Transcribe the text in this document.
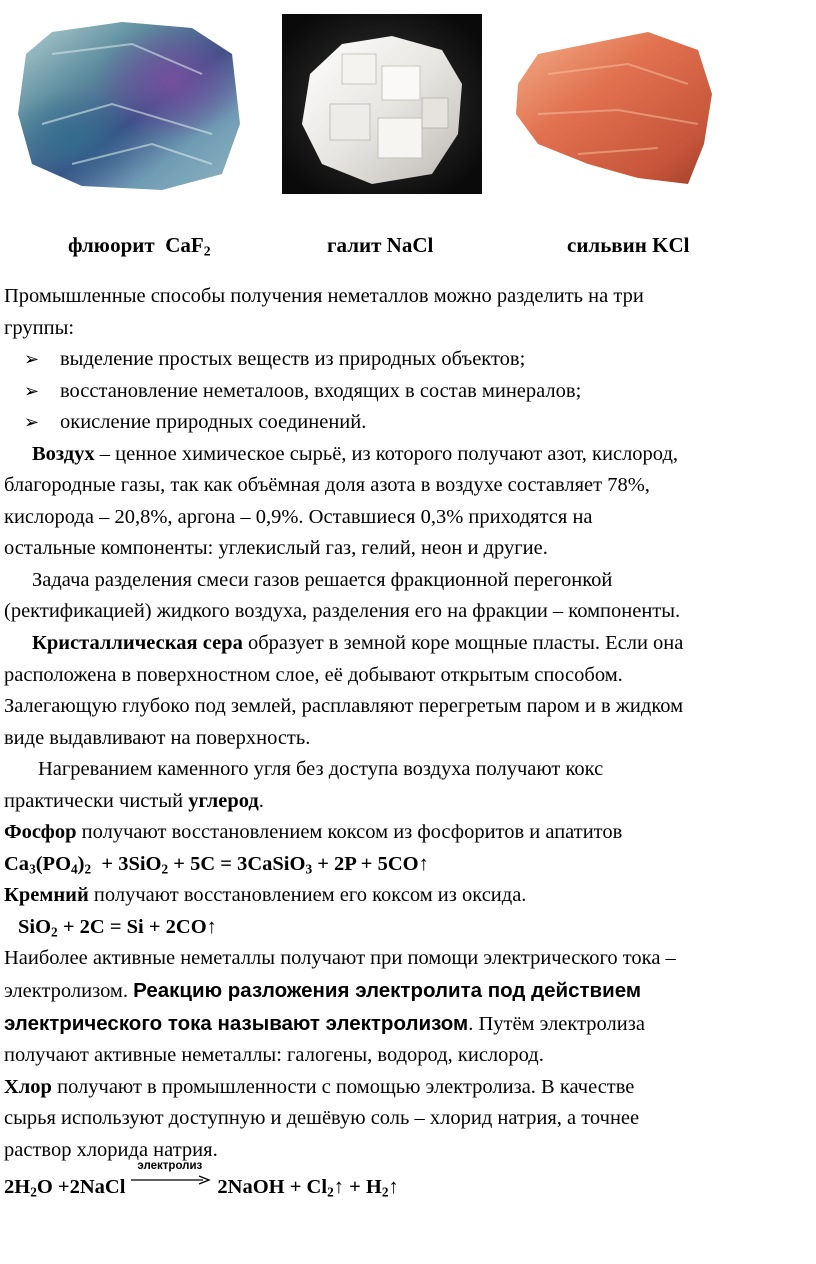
флюорит CaF$_2$	галит NaCl	сильвин KCl

Промышленные способы получения неметаллов можно разделить на три

группы:

➢ выделение простых веществ из природных объектов;

➢ восстановление неметалоов, входящих в состав минералов;

➢ окисление природных соединений.

Воздух – ценное химическое сырьё, из которого получают азот, кислород,

благородные газы, так как объёмная доля азота в воздухе составляет 78%,

кислорода – 20,8%, аргона – 0,9%. Оставшиеся 0,3% приходятся на

остальные компоненты: углекислый газ, гелий, неон и другие.

Задача разделения смеси газов решается фракционной перегонкой

(ректификацией) жидкого воздуха, разделения его на фракции – компоненты.

Кристаллическая сера образует в земной коре мощные пласты. Если она

расположена в поверхностном слое, её добывают открытым способом.

Залегающую глубоко под землей, расплавляют перегретым паром и в жидком

виде выдавливают на поверхность.

Нагреванием каменного угля без доступа воздуха получают кокс

практически чистый углерод.

Фосфор получают восстановлением коксом из фосфоритов и апатитов

$Ca_3(PO_4)_2 + 3SiO_2 + 5C$ = 3CaSiO$_3$ + 2P + 5CO↑

Кремний получают восстановлением его коксом из оксида.

SiO$_2$ + 2C = Si + 2CO↑

Наиболее активные неметаллы получают при помощи электрического тока –

электролизом. Реакцию разложения электролита под действием

электрического тока называют электролизом. Путём электролиза

получают активные неметаллы: галогены, водород, кислород.

Хлор получают в промышленности с помощью электролиза. В качестве

сырья используют доступную и дешёвую соль – хлорид натрия, а точнее

раствор хлорида натрия.

$2H_2O$ +2NaCl
электролиз
2NaOH + $Cl_2↑$ + $H_2↑$
